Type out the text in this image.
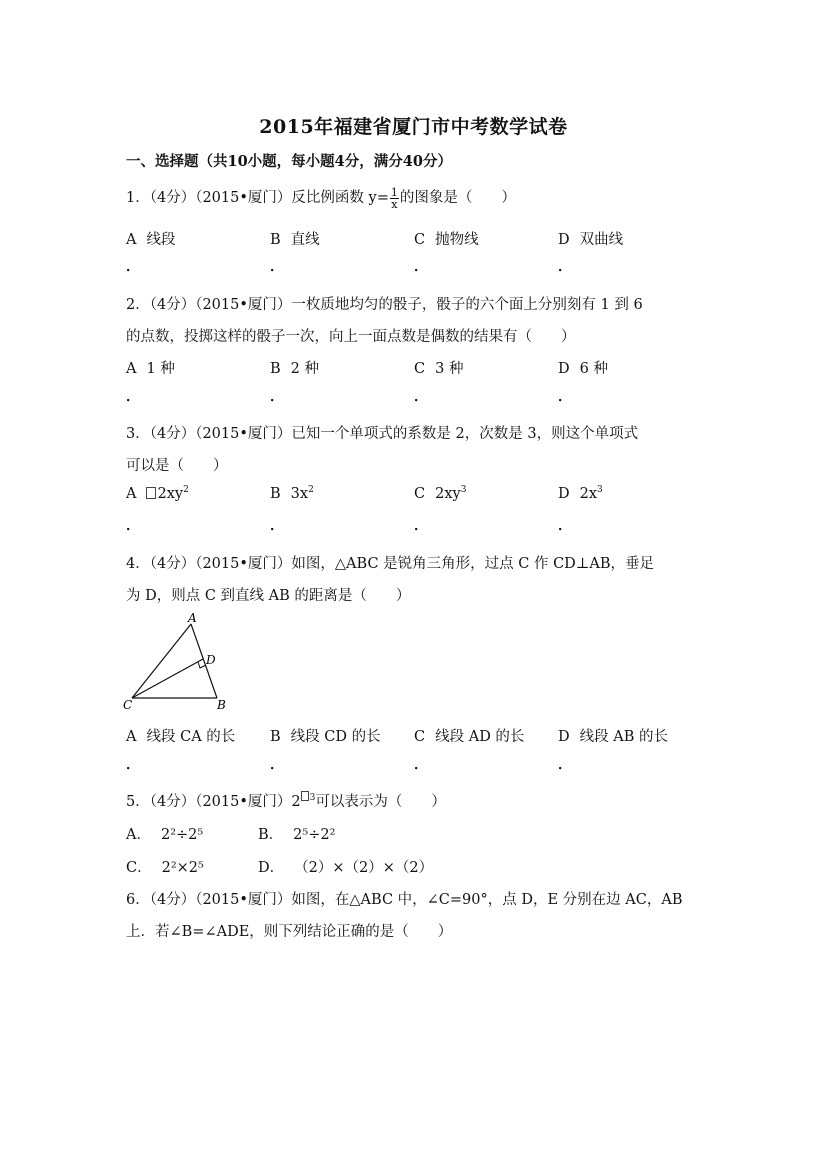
2015年福建省厦门市中考数学试卷
一、选择题（共10小题，每小题4分，满分40分）
1．（4分）（2015•厦门）反比例函数 $y= \frac{1}{x}$ 的图象是（　　）
A 线段	B 直线	C 抛物线	D 双曲线
．	．	．	．
2．（4分）（2015•厦门）一枚质地均匀的骰子，骰子的六个面上分别刻有 1 到 6
的点数，投掷这样的骰子一次，向上一面点数是偶数的结果有（　　）
A 1 种	B 2 种	C 3 种	D 6 种
．	．	．	．
3．（4分）（2015•厦门）已知一个单项式的系数是 2，次数是 3，则这个单项式
可以是（　　）
A $2xy^2$	B $3x^2$	C $2xy^3$	D $2x^3$
．	．	．	．
4．（4分）（2015•厦门）如图，△ABC 是锐角三角形，过点 C 作 CD⊥AB，垂足
为 D，则点 C 到直线 AB 的距离是（　　）
A
D
C	B
A 线段 CA 的长 B 线段 CD 的长 C 线段 AD 的长 D 线段 AB 的长
．	．	．	．
5．（4分）（2015•厦门）2 $^3$可以表示为（　　）
A． 2²÷2⁵	B． 2⁵÷2²
C． 2²×2⁵	D． （2）×（2）×（2）
6．（4分）（2015•厦门）如图，在△ABC 中，∠C=90°，点 D，E 分别在边 AC，AB
上．若∠B=∠ADE，则下列结论正确的是（　　）
